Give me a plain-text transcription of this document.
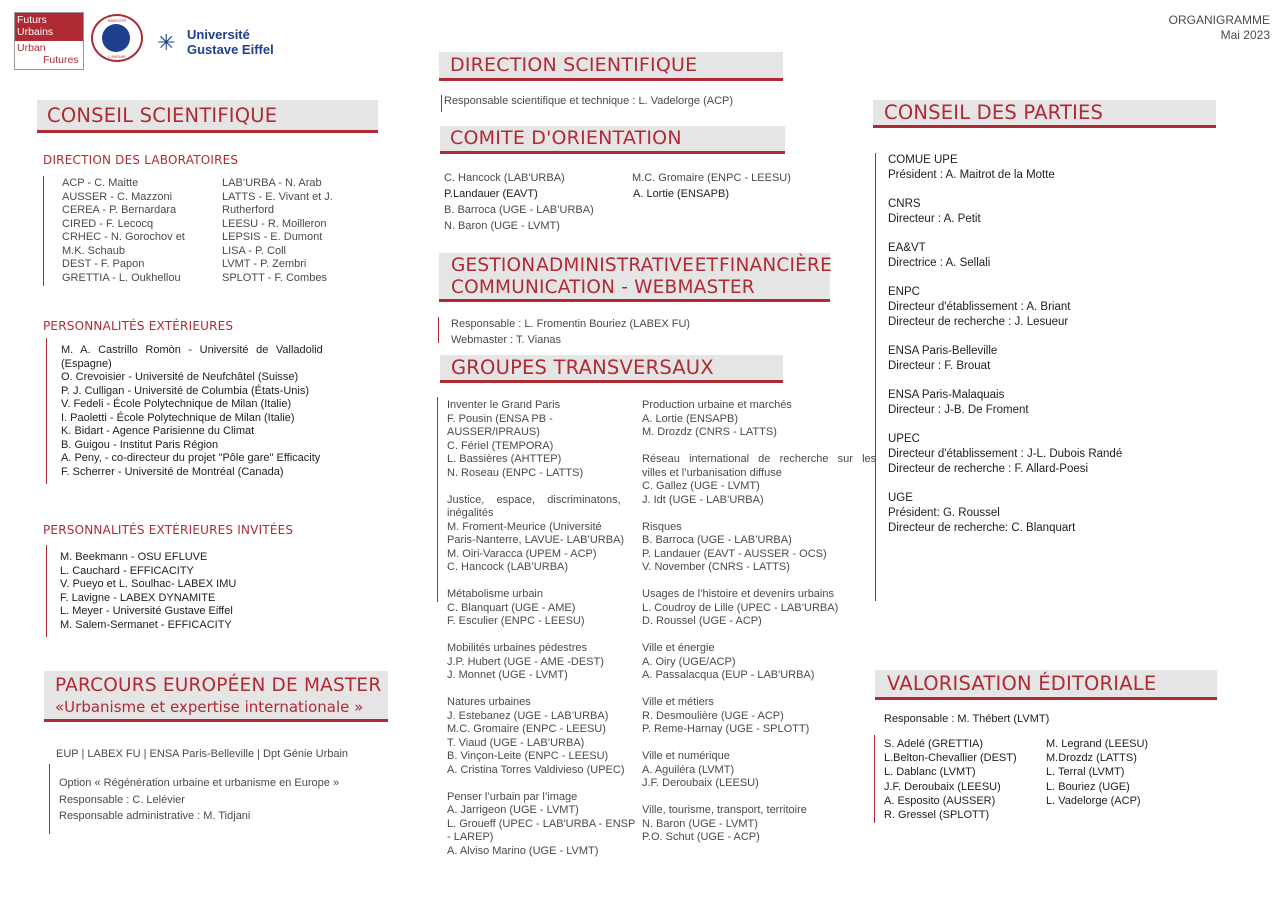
Futurs
Urbains
Urban
Futures
INVESTIR
L'AVENIR
✳ Université
Gustave Eiffel
ORGANIGRAMME
Mai 2023
CONSEIL SCIENTIFIQUE
DIRECTION DES LABORATOIRES
ACP - C. Maitte
AUSSER - C. Mazzoni
CEREA - P. Bernardara
CIRED - F. Lecocq
CRHEC - N. Gorochov et
M.K. Schaub
DEST - F. Papon
GRETTIA - L. Oukhellou
LAB’URBA - N. Arab
LATTS - E. Vivant et J.
Rutherford
LEESU - R. Moilleron
LEPSIS - E. Dumont
LISA - P. Coll
LVMT - P. Zembri
SPLOTT - F. Combes
PERSONNALITÉS EXTÉRIEURES
M. A. Castrillo Romòn - Université de Valladolid
(Espagne)
O. Crevoisier - Université de Neufchâtel (Suisse)
P. J. Culligan - Université de Columbia (États-Unis)
V. Fedeli - École Polytechnique de Milan (Italie)
I. Paoletti - École Polytechnique de Milan (Italie)
K. Bidart - Agence Parisienne du Climat
B. Guigou - Institut Paris Région
A. Peny, - co-directeur du projet "Pôle gare" Efficacity
F. Scherrer - Université de Montréal (Canada)
PERSONNALITÉS EXTÉRIEURES INVITÉES
M. Beekmann - OSU EFLUVE
L. Cauchard - EFFICACITY
V. Pueyo et L. Soulhac- LABEX IMU
F. Lavigne - LABEX DYNAMITE
L. Meyer - Université Gustave Eiffel
M. Salem-Sermanet - EFFICACITY
PARCOURS EUROPÉEN DE MASTER
«Urbanisme et expertise internationale »
EUP | LABEX FU | ENSA Paris-Belleville | Dpt Génie Urbain
Option « Régénération urbaine et urbanisme en Europe »
Responsable : C. Lelévier
Responsable administrative : M. Tidjani
DIRECTION SCIENTIFIQUE
Responsable scientifique et technique : L. Vadelorge (ACP)
COMITE D'ORIENTATION
C. Hancock (LAB'URBA)
P.Landauer (EAVT)
B. Barroca (UGE - LAB’URBA)
N. Baron (UGE - LVMT)
M.C. Gromaire (ENPC - LEESU)
A. Lortie (ENSAPB)
GESTION ADMINISTRATIVE ET FINANCIÈRE
COMMUNICATION - WEBMASTER
Responsable : L. Fromentin Bouriez (LABEX FU)
Webmaster : T. Vianas
GROUPES TRANSVERSAUX
Inventer le Grand Paris
F. Pousin (ENSA PB -
AUSSER/IPRAUS)
C. Fériel (TEMPORA)
L. Bassières (AHTTEP)
N. Roseau (ENPC - LATTS)
Justice,    espace,    discriminatons,
inégalités
M. Froment-Meurice (Université
Paris-Nanterre, LAVUE- LAB’URBA)
M. Oiri-Varacca (UPEM - ACP)
C. Hancock (LAB’URBA)
Métabolisme urbain
C. Blanquart (UGE - AME)
F. Esculier (ENPC - LEESU)
Mobilités urbaines pédestres
J.P. Hubert (UGE - AME -DEST)
J. Monnet (UGE - LVMT)
Natures urbaines
J. Estebanez (UGE - LAB’URBA)
M.C. Gromaire (ENPC - LEESU)
T. Viaud (UGE - LAB’URBA)
B. Vinçon-Leite (ENPC - LEESU)
A. Cristina Torres Valdivieso (UPEC)
Penser l’urbain par l’image
A. Jarrigeon (UGE - LVMT)
L. Groueff (UPEC - LAB'URBA - ENSP
- LAREP)
A. Alviso Marino (UGE - LVMT)
Production urbaine et marchés
A. Lortie (ENSAPB)
M. Drozdz (CNRS - LATTS)
Réseau   international   de   recherche   sur   les
villes et l’urbanisation diffuse
C. Gallez (UGE - LVMT)
J. Idt (UGE - LAB’URBA)
Risques
B. Barroca (UGE - LAB’URBA)
P. Landauer (EAVT - AUSSER - OCS)
V. November (CNRS - LATTS)
Usages de l’histoire et devenirs urbains
L. Coudroy de Lille (UPEC - LAB’URBA)
D. Roussel (UGE - ACP)
Ville et énergie
A. Oiry (UGE/ACP)
A. Passalacqua (EUP - LAB'URBA)
Ville et métiers
R. Desmoulière (UGE - ACP)
P. Reme-Harnay (UGE - SPLOTT)
Ville et numérique
A. Aguiléra (LVMT)
J.F. Deroubaix (LEESU)
Ville, tourisme, transport, territoire
N. Baron (UGE - LVMT)
P.O. Schut (UGE - ACP)
CONSEIL DES PARTIES
COMUE UPE
Président : A. Maitrot de la Motte
CNRS
Directeur : A. Petit
EA&VT
Directrice : A. Sellali
ENPC
Directeur d'établissement : A. Briant
Directeur de recherche : J. Lesueur
ENSA Paris-Belleville
Directeur : F. Brouat
ENSA Paris-Malaquais
Directeur : J-B. De Froment
UPEC
Directeur d'établissement : J-L. Dubois Randé
Directeur de recherche : F. Allard-Poesi
UGE
Président: G. Roussel
Directeur de recherche: C. Blanquart
VALORISATION ÉDITORIALE
Responsable : M. Thébert (LVMT)
S. Adelé (GRETTIA)
L.Belton-Chevallier (DEST)
L. Dablanc (LVMT)
J.F. Deroubaix (LEESU)
A. Esposito (AUSSER)
R. Gressel (SPLOTT)
M. Legrand (LEESU)
M.Drozdz (LATTS)
L. Terral (LVMT)
L. Bouriez (UGE)
L. Vadelorge (ACP)
